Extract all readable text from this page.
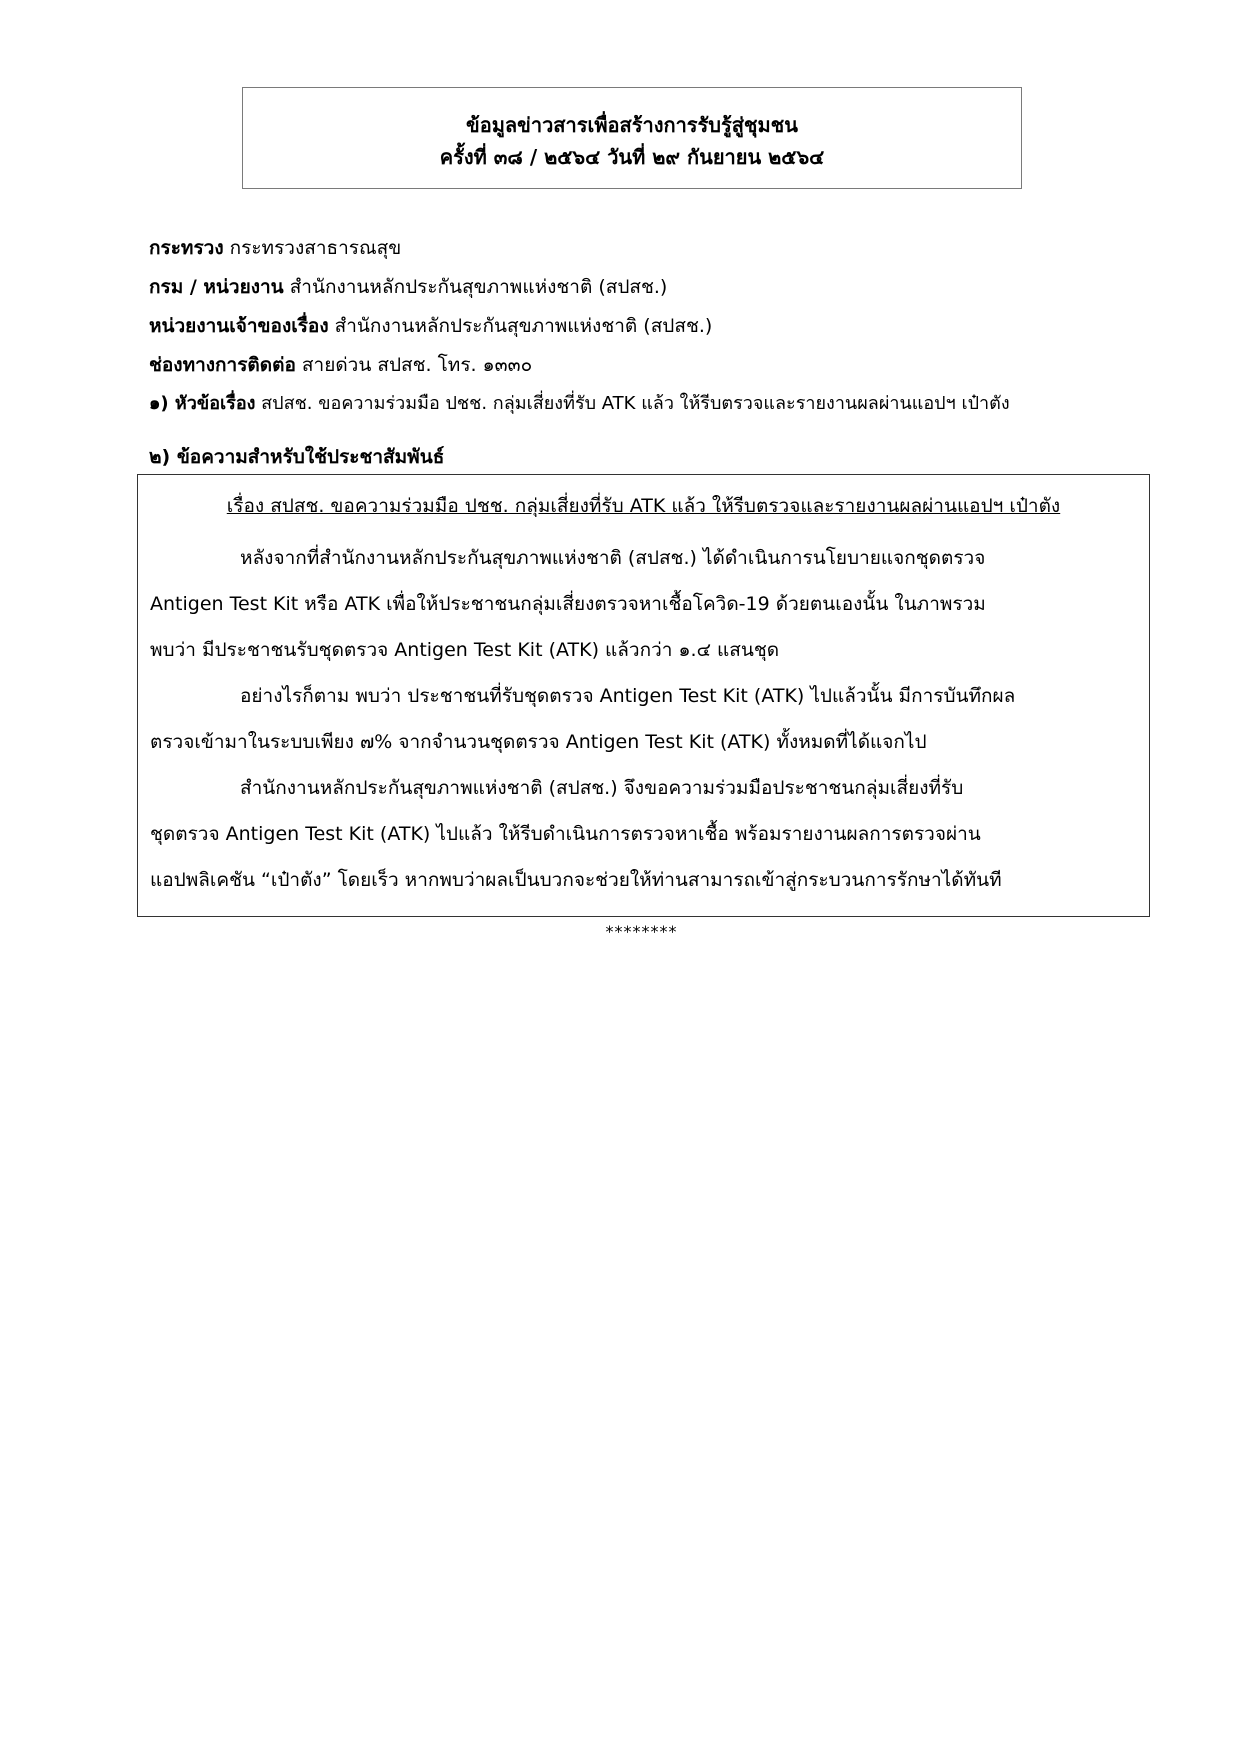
ข้อมูลข่าวสารเพื่อสร้างการรับรู้สู่ชุมชน
ครั้งที่ ๓๘ / ๒๕๖๔ วันที่ ๒๙ กันยายน ๒๕๖๔
กระทรวง กระทรวงสาธารณสุข
กรม / หน่วยงาน สำนักงานหลักประกันสุขภาพแห่งชาติ (สปสช.)
หน่วยงานเจ้าของเรื่อง สำนักงานหลักประกันสุขภาพแห่งชาติ (สปสช.)
ช่องทางการติดต่อ สายด่วน สปสช. โทร. ๑๓๓๐
๑) หัวข้อเรื่อง สปสช. ขอความร่วมมือ ปชช. กลุ่มเสี่ยงที่รับ ATK แล้ว ให้รีบตรวจและรายงานผลผ่านแอปฯ เป๋าตัง
๒) ข้อความสำหรับใช้ประชาสัมพันธ์
เรื่อง สปสช. ขอความร่วมมือ ปชช. กลุ่มเสี่ยงที่รับ ATK แล้ว ให้รีบตรวจและรายงานผลผ่านแอปฯ เป๋าตัง

หลังจากที่สำนักงานหลักประกันสุขภาพแห่งชาติ (สปสช.) ได้ดำเนินการนโยบายแจกชุดตรวจ
Antigen Test Kit หรือ ATK เพื่อให้ประชาชนกลุ่มเสี่ยงตรวจหาเชื้อโควิด-19 ด้วยตนเองนั้น ในภาพรวม
พบว่า มีประชาชนรับชุดตรวจ Antigen Test Kit (ATK) แล้วกว่า ๑.๔ แสนชุด

อย่างไรก็ตาม พบว่า ประชาชนที่รับชุดตรวจ Antigen Test Kit (ATK) ไปแล้วนั้น มีการบันทึกผล
ตรวจเข้ามาในระบบเพียง ๗% จากจำนวนชุดตรวจ Antigen Test Kit (ATK) ทั้งหมดที่ได้แจกไป

สำนักงานหลักประกันสุขภาพแห่งชาติ (สปสช.) จึงขอความร่วมมือประชาชนกลุ่มเสี่ยงที่รับ
ชุดตรวจ Antigen Test Kit (ATK) ไปแล้ว ให้รีบดำเนินการตรวจหาเชื้อ พร้อมรายงานผลการตรวจผ่าน
แอปพลิเคชัน “เป๋าตัง” โดยเร็ว หากพบว่าผลเป็นบวกจะช่วยให้ท่านสามารถเข้าสู่กระบวนการรักษาได้ทันที

********
